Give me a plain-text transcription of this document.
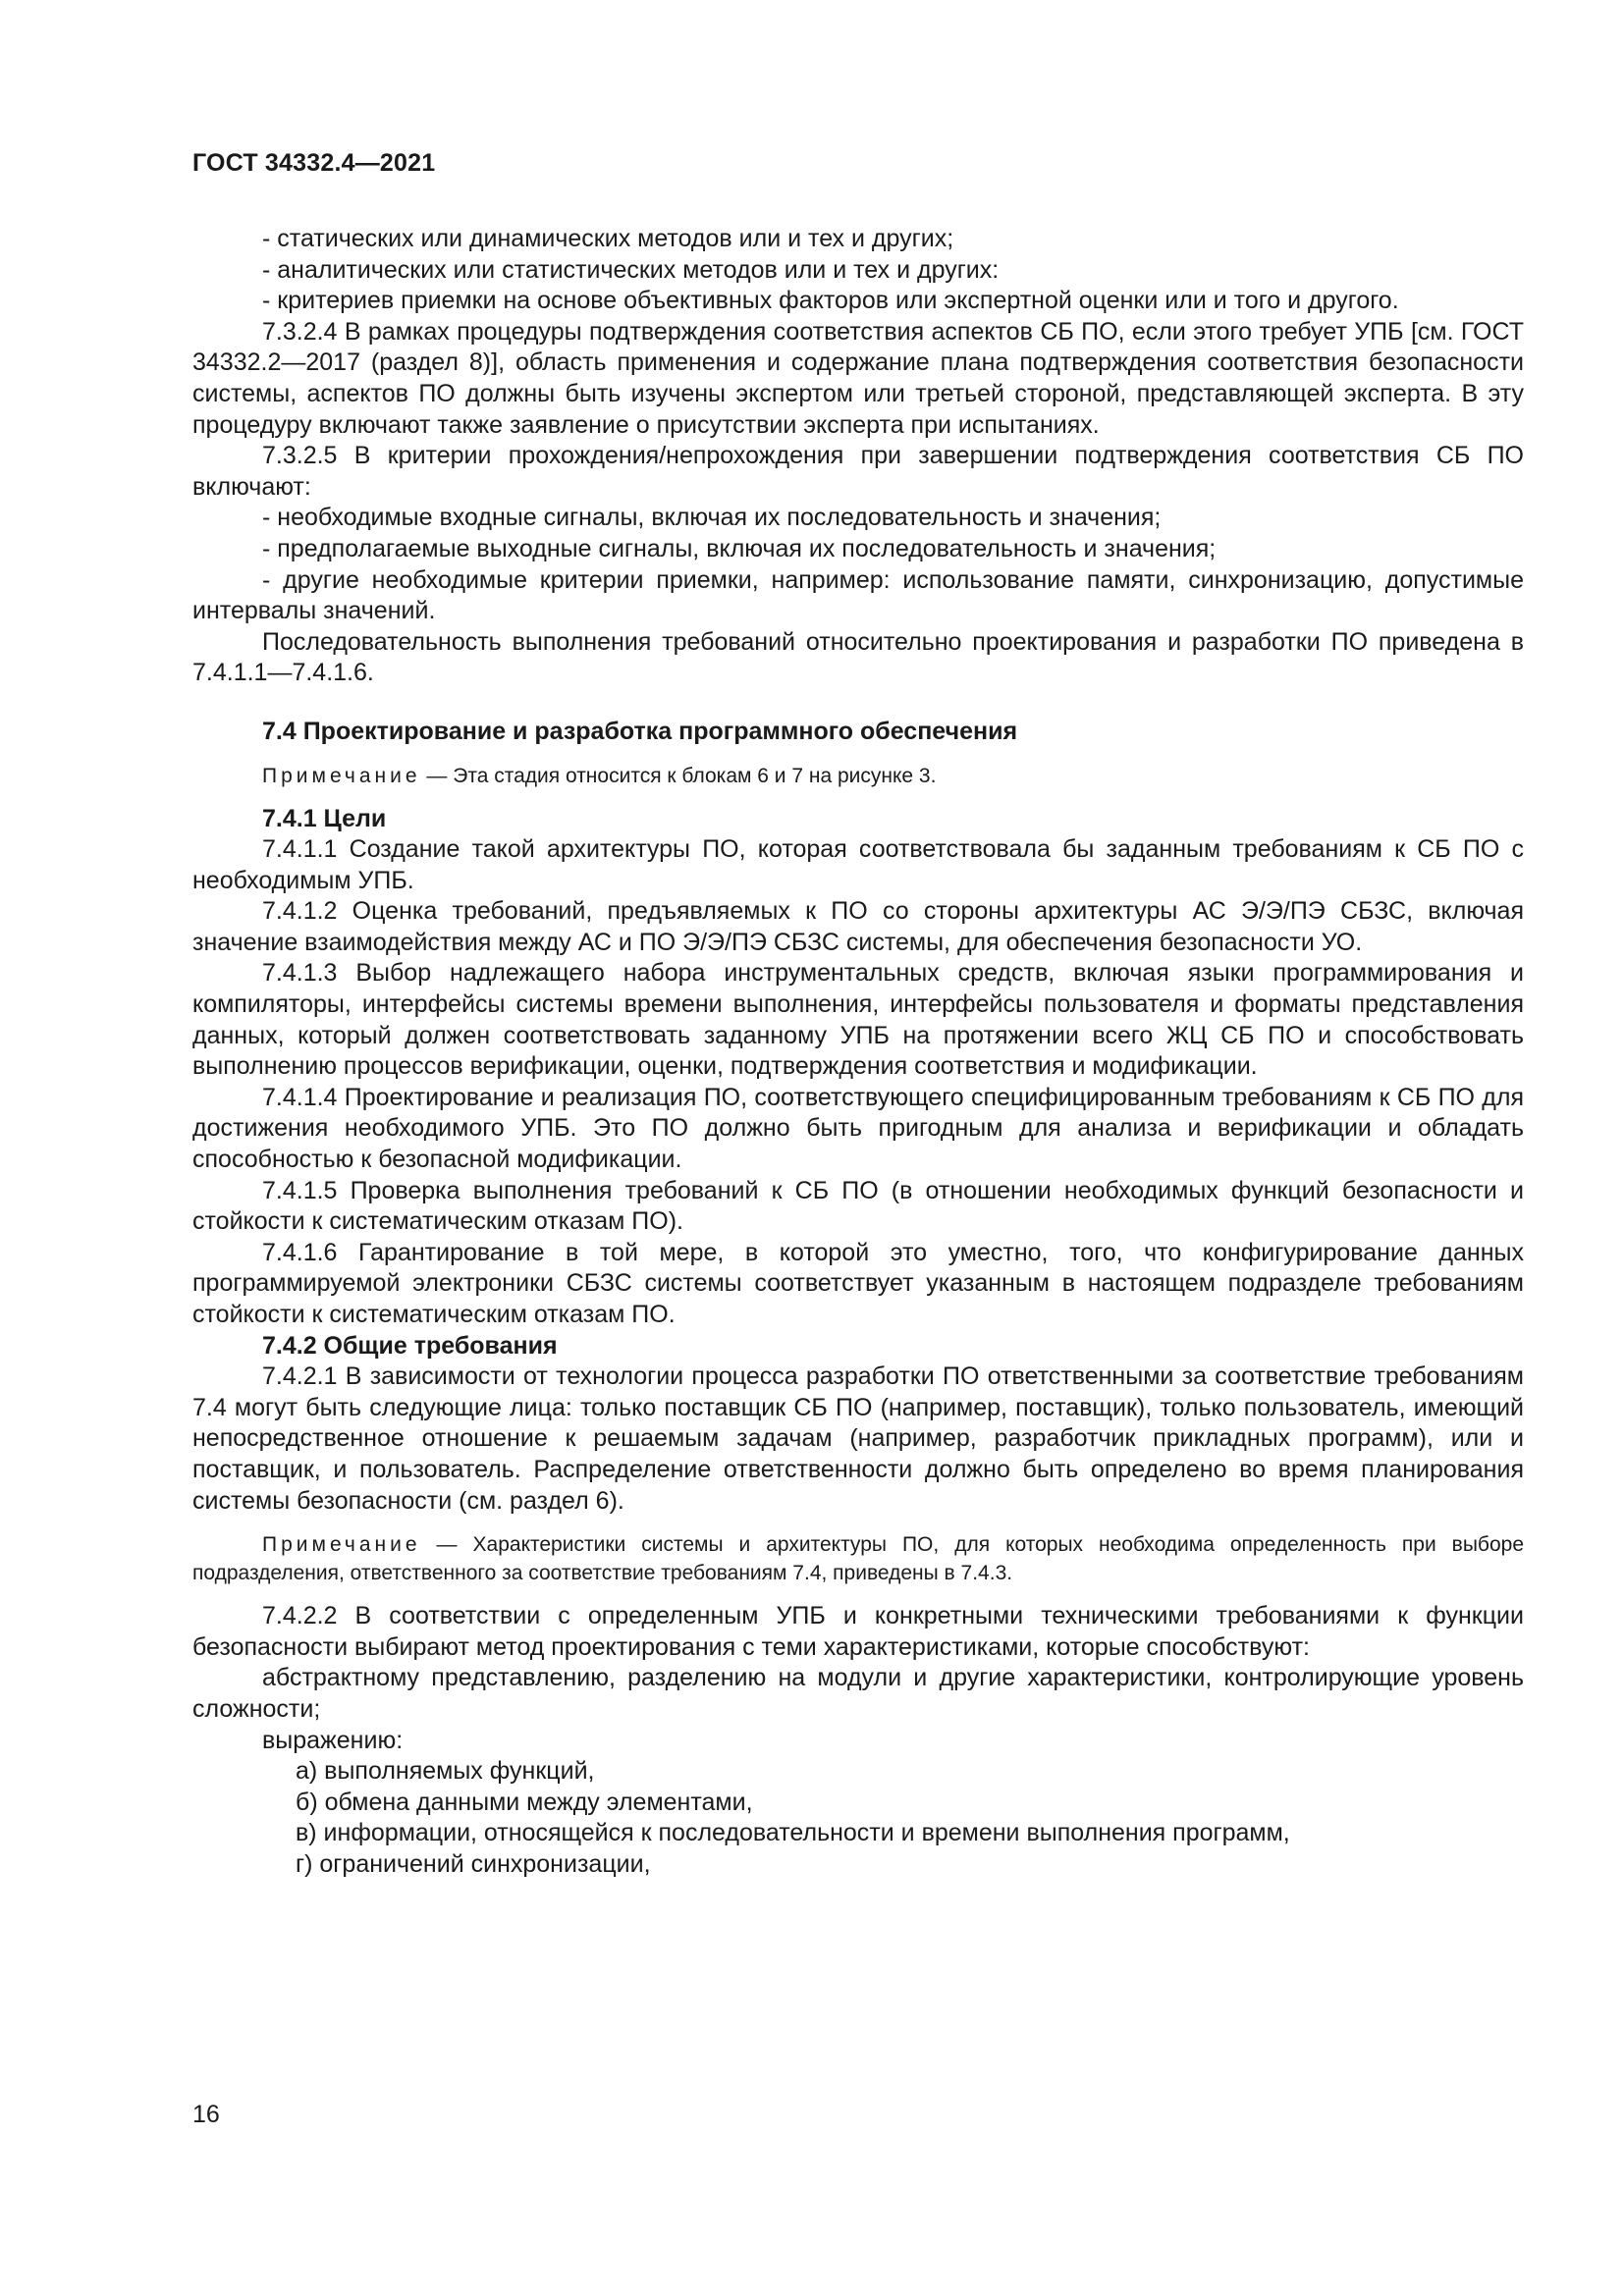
ГОСТ 34332.4—2021

- статических или динамических методов или и тех и других;

- аналитических или статистических методов или и тех и других:

- критериев приемки на основе объективных факторов или экспертной оценки или и того и другого.

7.3.2.4 В рамках процедуры подтверждения соответствия аспектов СБ ПО, если этого требует УПБ [см. ГОСТ 34332.2—2017 (раздел 8)], область применения и содержание плана подтверждения соответствия безопасности системы, аспектов ПО должны быть изучены экспертом или третьей стороной, представляющей эксперта. В эту процедуру включают также заявление о присутствии эксперта при испытаниях.

7.3.2.5 В критерии прохождения/непрохождения при завершении подтверждения соответствия СБ ПО включают:

- необходимые входные сигналы, включая их последовательность и значения;

- предполагаемые выходные сигналы, включая их последовательность и значения;

- другие необходимые критерии приемки, например: использование памяти, синхронизацию, допустимые интервалы значений.

Последовательность выполнения требований относительно проектирования и разработки ПО приведена в 7.4.1.1—7.4.1.6.

7.4 Проектирование и разработка программного обеспечения

Примечание — Эта стадия относится к блокам 6 и 7 на рисунке 3.

7.4.1 Цели

7.4.1.1 Создание такой архитектуры ПО, которая соответствовала бы заданным требованиям к СБ ПО с необходимым УПБ.

7.4.1.2 Оценка требований, предъявляемых к ПО со стороны архитектуры АС Э/Э/ПЭ СБЗС, включая значение взаимодействия между АС и ПО Э/Э/ПЭ СБЗС системы, для обеспечения безопасности УО.

7.4.1.3 Выбор надлежащего набора инструментальных средств, включая языки программирования и компиляторы, интерфейсы системы времени выполнения, интерфейсы пользователя и форматы представления данных, который должен соответствовать заданному УПБ на протяжении всего ЖЦ СБ ПО и способствовать выполнению процессов верификации, оценки, подтверждения соответствия и модификации.

7.4.1.4 Проектирование и реализация ПО, соответствующего специфицированным требованиям к СБ ПО для достижения необходимого УПБ. Это ПО должно быть пригодным для анализа и верификации и обладать способностью к безопасной модификации.

7.4.1.5 Проверка выполнения требований к СБ ПО (в отношении необходимых функций безопасности и стойкости к систематическим отказам ПО).

7.4.1.6 Гарантирование в той мере, в которой это уместно, того, что конфигурирование данных программируемой электроники СБЗС системы соответствует указанным в настоящем подразделе требованиям стойкости к систематическим отказам ПО.

7.4.2 Общие требования

7.4.2.1 В зависимости от технологии процесса разработки ПО ответственными за соответствие требованиям 7.4 могут быть следующие лица: только поставщик СБ ПО (например, поставщик), только пользователь, имеющий непосредственное отношение к решаемым задачам (например, разработчик прикладных программ), или и поставщик, и пользователь. Распределение ответственности должно быть определено во время планирования системы безопасности (см. раздел 6).

Примечание — Характеристики системы и архитектуры ПО, для которых необходима определенность при выборе подразделения, ответственного за соответствие требованиям 7.4, приведены в 7.4.3.

7.4.2.2 В соответствии с определенным УПБ и конкретными техническими требованиями к функции безопасности выбирают метод проектирования с теми характеристиками, которые способствуют:

абстрактному представлению, разделению на модули и другие характеристики, контролирующие уровень сложности;

выражению:

а) выполняемых функций,

б) обмена данными между элементами,

в) информации, относящейся к последовательности и времени выполнения программ,

г) ограничений синхронизации,

16
